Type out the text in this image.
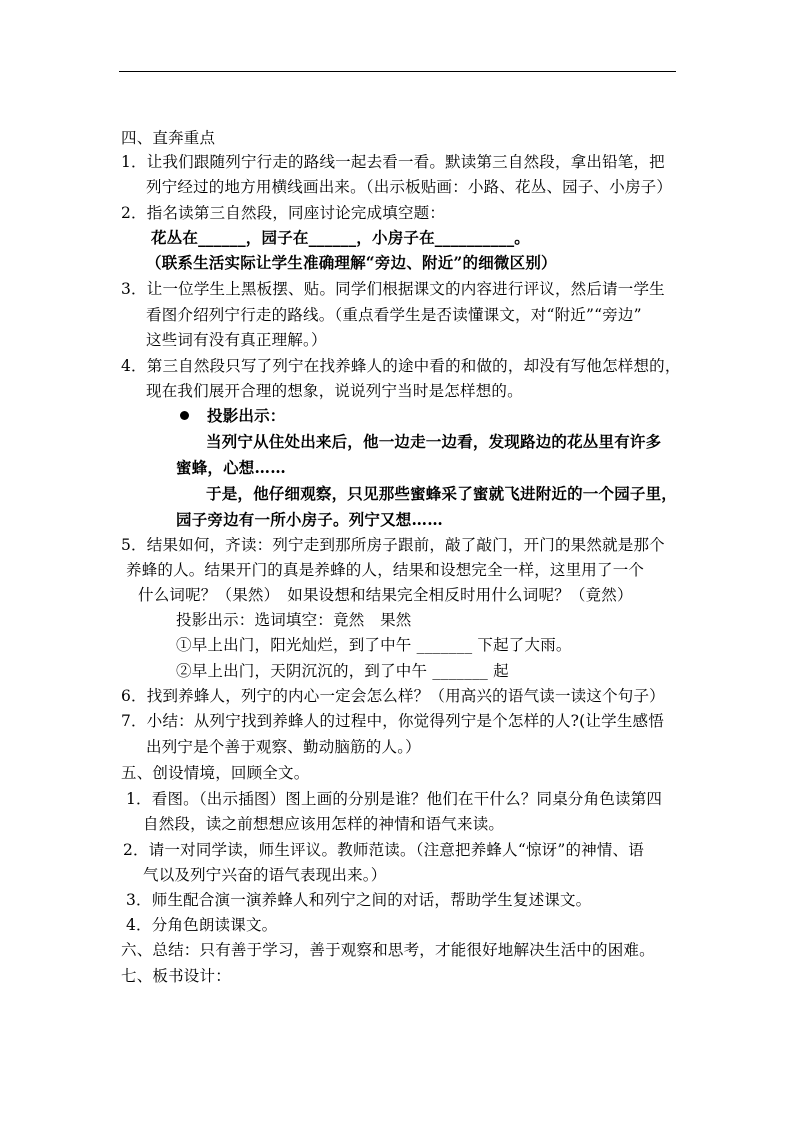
四、直奔重点
1．让我们跟随列宁行走的路线一起去看一看。默读第三自然段，拿出铅笔，把
列宁经过的地方用横线画出来。（出示板贴画：小路、花丛、园子、小房子）
2．指名读第三自然段，同座讨论完成填空题：
花丛在______，园子在______，小房子在__________。
（联系生活实际让学生准确理解“旁边、附近”的细微区别）
3．让一位学生上黑板摆、贴。同学们根据课文的内容进行评议，然后请一学生
看图介绍列宁行走的路线。（重点看学生是否读懂课文，对“附近”“旁边”
这些词有没有真正理解。）
4．第三自然段只写了列宁在找养蜂人的途中看的和做的，却没有写他怎样想的，
现在我们展开合理的想象，说说列宁当时是怎样想的。
投影出示：
当列宁从住处出来后，他一边走一边看，发现路边的花丛里有许多
蜜蜂，心想……
于是，他仔细观察，只见那些蜜蜂采了蜜就飞进附近的一个园子里，
园子旁边有一所小房子。列宁又想……
5．结果如何，齐读：列宁走到那所房子跟前，敲了敲门，开门的果然就是那个
养蜂的人。结果开门的真是养蜂的人，结果和设想完全一样，这里用了一个
什么词呢？（果然）　如果设想和结果完全相反时用什么词呢？（竟然）
投影出示：选词填空：竟然　果然
①早上出门，阳光灿烂，到了中午 _______ 下起了大雨。
②早上出门，天阴沉沉的，到了中午 _______ 起
6．找到养蜂人，列宁的内心一定会怎么样？（用高兴的语气读一读这个句子）
7．小结：从列宁找到养蜂人的过程中，你觉得列宁是个怎样的人?(让学生感悟
出列宁是个善于观察、勤动脑筋的人。）
五、创设情境，回顾全文。
1．看图。（出示插图）图上画的分别是谁？他们在干什么？同桌分角色读第四
自然段，读之前想想应该用怎样的神情和语气来读。
2．请一对同学读，师生评议。教师范读。（注意把养蜂人“惊讶”的神情、语
气以及列宁兴奋的语气表现出来。）
3．师生配合演一演养蜂人和列宁之间的对话，帮助学生复述课文。
4．分角色朗读课文。
六、总结：只有善于学习，善于观察和思考，才能很好地解决生活中的困难。
七、板书设计：
